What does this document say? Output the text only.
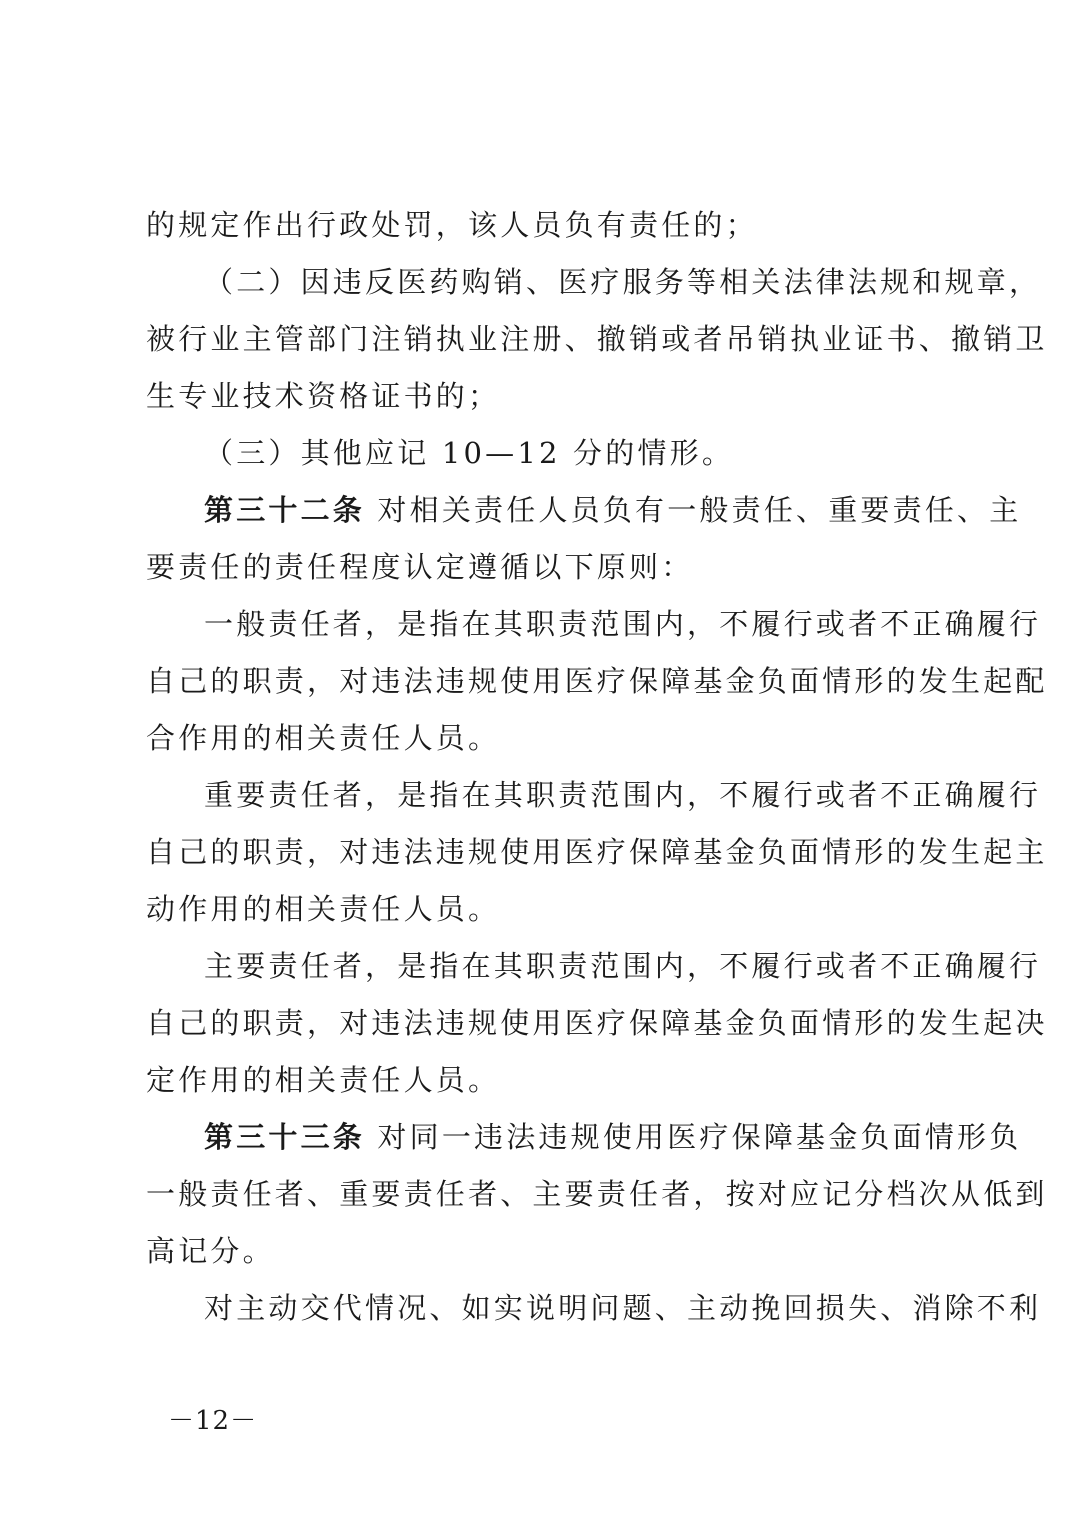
的规定作出行政处罚，该人员负有责任的；
（二）因违反医药购销、医疗服务等相关法律法规和规章，
被行业主管部门注销执业注册、撤销或者吊销执业证书、撤销卫
生专业技术资格证书的；
（三）其他应记 10—12 分的情形。
第三十二条 对相关责任人员负有一般责任、重要责任、主
要责任的责任程度认定遵循以下原则：
一般责任者，是指在其职责范围内，不履行或者不正确履行
自己的职责，对违法违规使用医疗保障基金负面情形的发生起配
合作用的相关责任人员。
重要责任者，是指在其职责范围内，不履行或者不正确履行
自己的职责，对违法违规使用医疗保障基金负面情形的发生起主
动作用的相关责任人员。
主要责任者，是指在其职责范围内，不履行或者不正确履行
自己的职责，对违法违规使用医疗保障基金负面情形的发生起决
定作用的相关责任人员。
第三十三条 对同一违法违规使用医疗保障基金负面情形负
一般责任者、重要责任者、主要责任者，按对应记分档次从低到
高记分。
对主动交代情况、如实说明问题、主动挽回损失、消除不利
－12－
